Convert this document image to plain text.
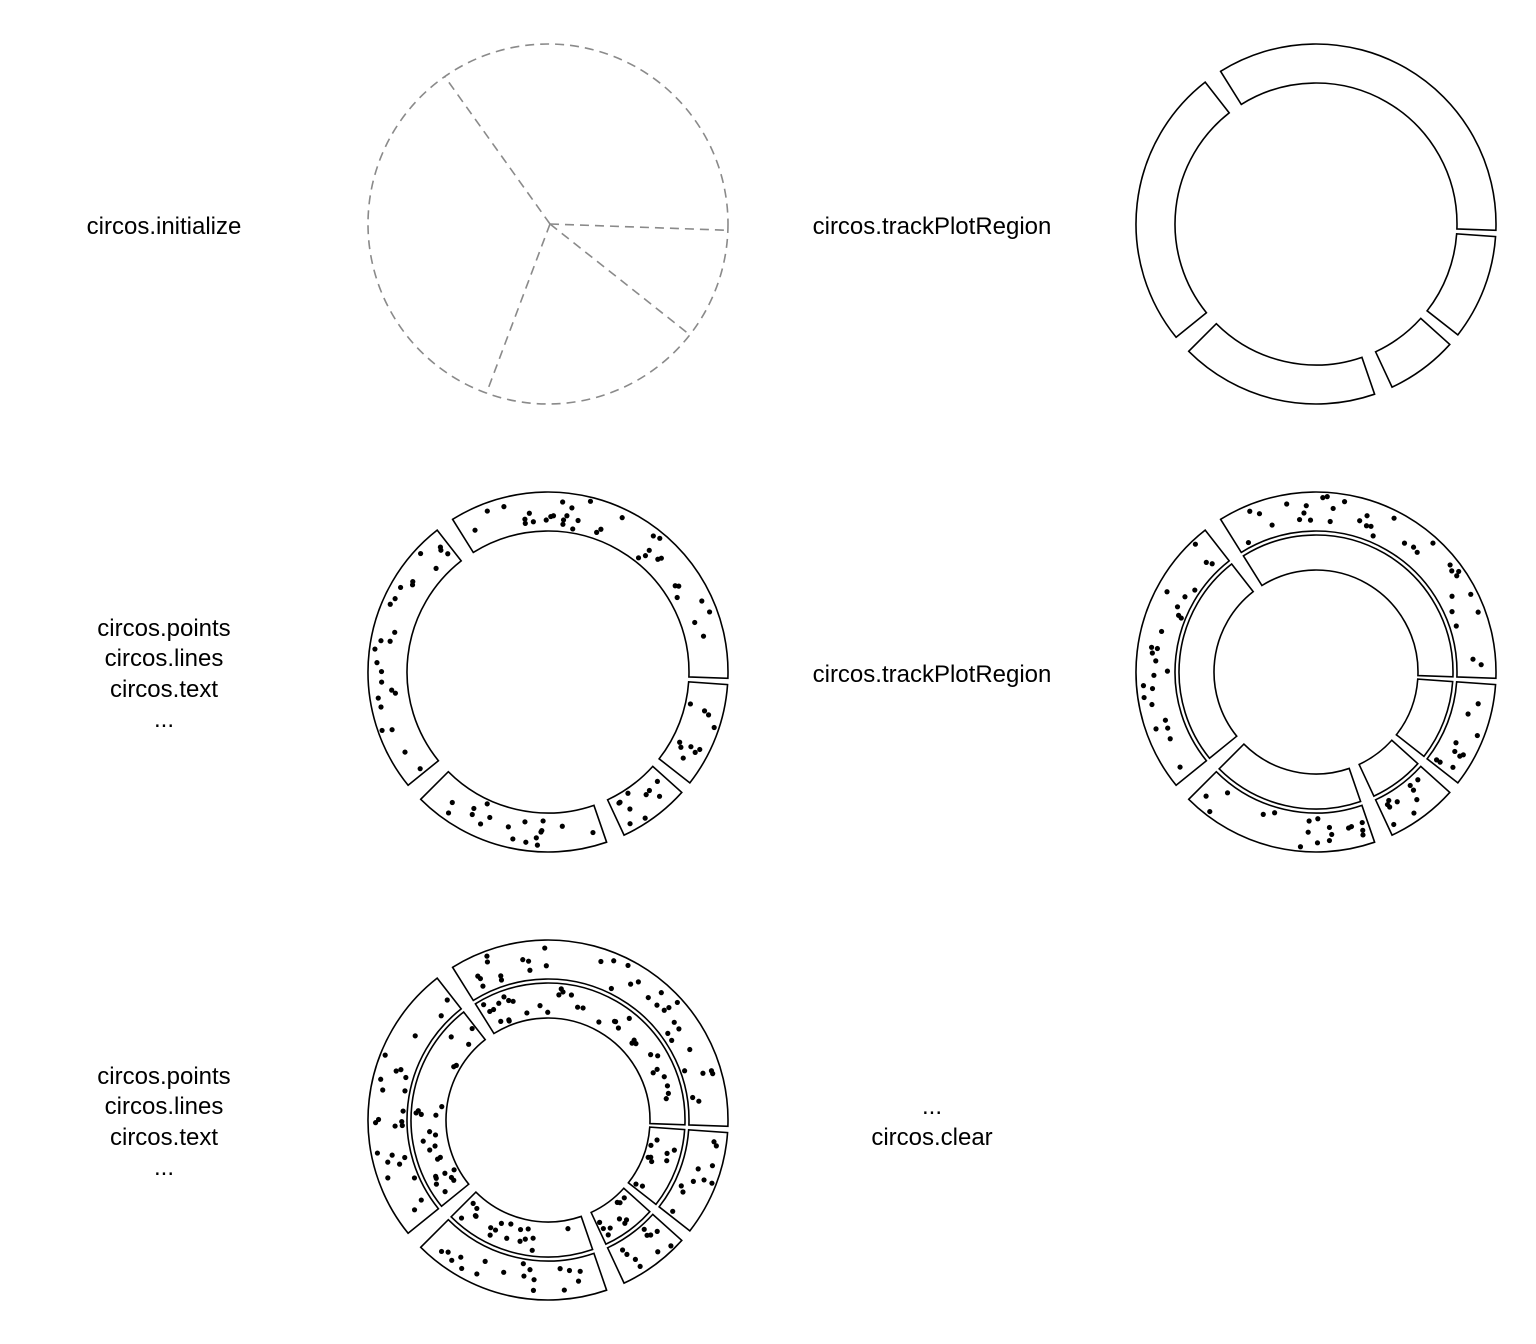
circos.initialize	circos.trackPlotRegion
circos.points
circos.lines
circos.text
...
circos.trackPlotRegion
circos.points
circos.lines
circos.text
...
...
circos.clear
